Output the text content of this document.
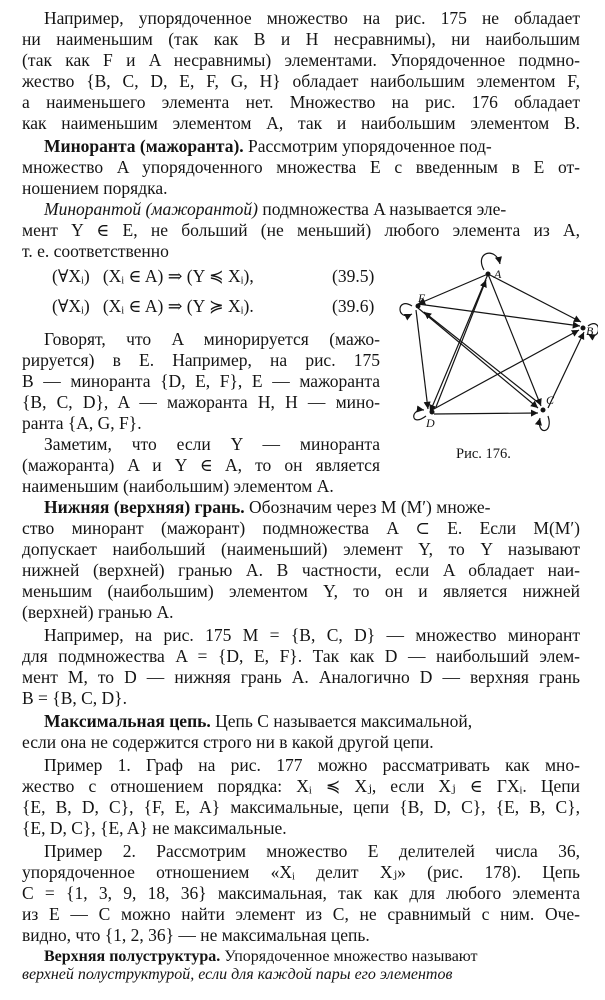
Например, упорядоченное множество на рис. 175 не обладает
ни наименьшим (так как B и H несравнимы), ни наибольшим
(так как F и A несравнимы) элементами. Упорядоченное подмно-
жество {B, C, D, E, F, G, H} обладает наибольшим элементом F,
а наименьшего элемента нет. Множество на рис. 176 обладает
как наименьшим элементом A, так и наибольшим элементом B.
Миноранта (мажоранта). Рассмотрим упорядоченное под-
множество A упорядоченного множества E с введенным в E от-
ношением порядка.
Минорантой (мажорантой) подмножества A называется эле-
мент Y ∈ E, не больший (не меньший) любого элемента из A,
т. е. соответственно
(∀Xᵢ)   (Xᵢ ∈ A) ⇒ (Y ≼ Xᵢ),	(39.5)
(∀Xᵢ)   (Xᵢ ∈ A) ⇒ (Y ≽ Xᵢ).	(39.6)
Говорят, что A минорируется (мажо-
рируется) в E. Например, на рис. 175
B — миноранта {D, E, F}, E — мажоранта
{B, C, D}, A — мажоранта H, H — мино-
ранта {A, G, F}.
Заметим, что если Y — миноранта
(мажоранта) A и Y ∈ A, то он является
наименьшим (наибольшим) элементом A.
A
B
C
D
E
Рис. 176.
Нижняя (верхняя) грань. Обозначим через M (M′) множе-
ство минорант (мажорант) подмножества A ⊂ E. Если M(M′)
допускает наибольший (наименьший) элемент Y, то Y называют
нижней (верхней) гранью A. В частности, если A обладает наи-
меньшим (наибольшим) элементом Y, то он и является нижней
(верхней) гранью A.
Например, на рис. 175 M = {B, C, D} — множество минорант
для подмножества A = {D, E, F}. Так как D — наибольший элем-
мент M, то D — нижняя грань A. Аналогично D — верхняя грань
B = {B, C, D}.
Максимальная цепь. Цепь C называется максимальной,
если она не содержится строго ни в какой другой цепи.
Пример 1. Граф на рис. 177 можно рассматривать как мно-
жество с отношением порядка: Xᵢ ≼ Xⱼ, если Xⱼ ∈ ΓXᵢ. Цепи
{E, B, D, C}, {F, E, A} максимальные, цепи {B, D, C}, {E, B, C},
{E, D, C}, {E, A} не максимальные.
Пример 2. Рассмотрим множество E делителей числа 36,
упорядоченное отношением «Xᵢ делит Xⱼ» (рис. 178). Цепь
C = {1, 3, 9, 18, 36} максимальная, так как для любого элемента
из E — C можно найти элемент из C, не сравнимый с ним. Оче-
видно, что {1, 2, 36} — не максимальная цепь.
Верхняя полуструктура. Упорядоченное множество называют
верхней полуструктурой, если для каждой пары его элементов
